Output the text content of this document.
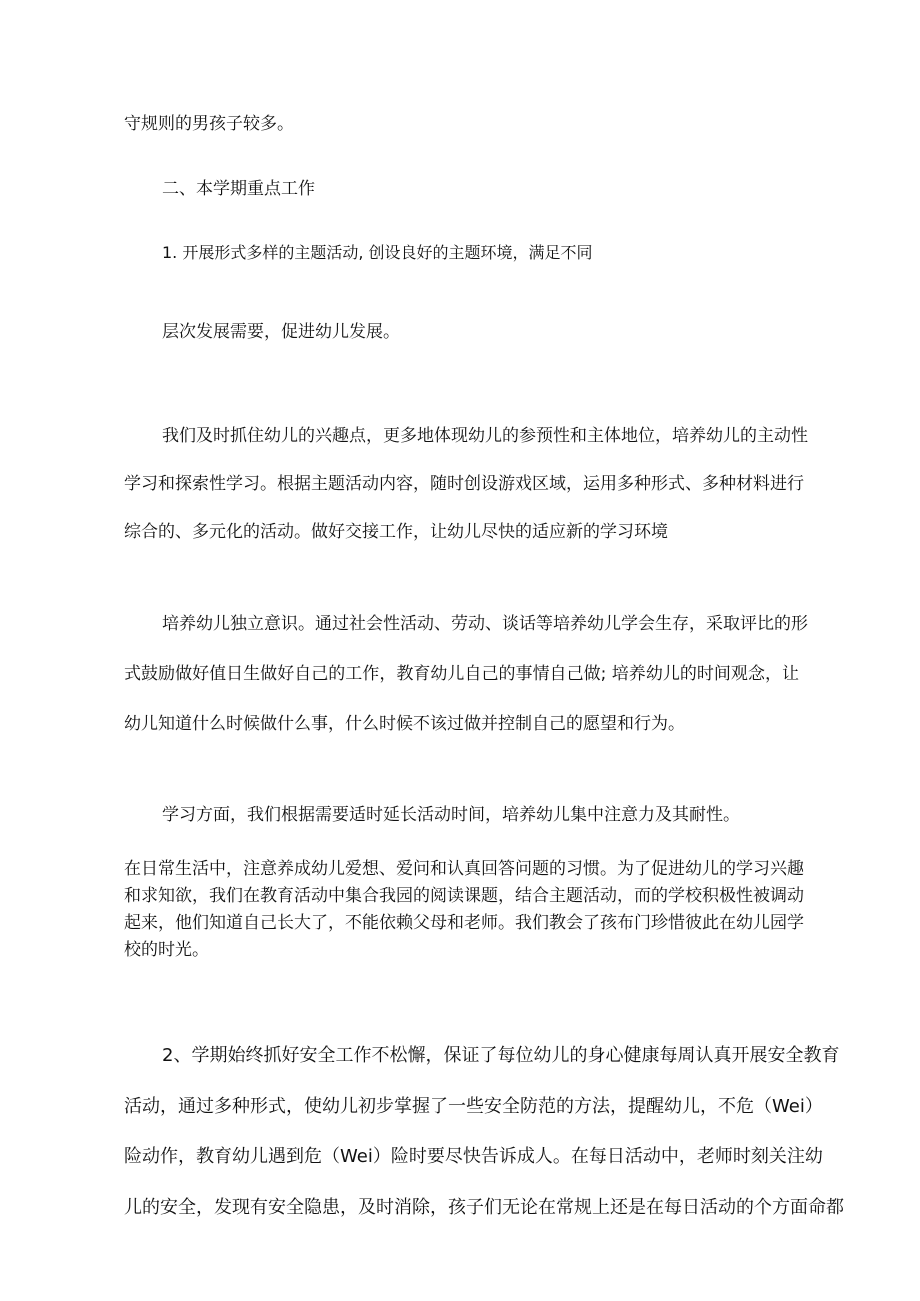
守规则的男孩子较多。
二、本学期重点工作
1. 开展形式多样的主题活动, 创设良好的主题环境，满足不同
层次发展需要，促进幼儿发展。
我们及时抓住幼儿的兴趣点，更多地体现幼儿的参预性和主体地位，培养幼儿的主动性
学习和探索性学习。根据主题活动内容，随时创设游戏区域，运用多种形式、多种材料进行
综合的、多元化的活动。做好交接工作，让幼儿尽快的适应新的学习环境
培养幼儿独立意识。通过社会性活动、劳动、谈话等培养幼儿学会生存，采取评比的形
式鼓励做好值日生做好自己的工作，教育幼儿自己的事情自己做; 培养幼儿的时间观念，让
幼儿知道什么时候做什么事，什么时候不该过做并控制自己的愿望和行为。
学习方面，我们根据需要适时延长活动时间，培养幼儿集中注意力及其耐性。
在日常生活中，注意养成幼儿爱想、爱问和认真回答问题的习惯。为了促进幼儿的学习兴趣
和求知欲，我们在教育活动中集合我园的阅读课题，结合主题活动，而的学校积极性被调动
起来，他们知道自己长大了，不能依赖父母和老师。我们教会了孩布门珍惜彼此在幼儿园学
校的时光。
2、学期始终抓好安全工作不松懈，保证了每位幼儿的身心健康每周认真开展安全教育
活动，通过多种形式，使幼儿初步掌握了一些安全防范的方法，提醒幼儿，不危（Wei）
险动作，教育幼儿遇到危（Wei）险时要尽快告诉成人。在每日活动中，老师时刻关注幼
儿的安全，发现有安全隐患，及时消除，孩子们无论在常规上还是在每日活动的个方面命都
